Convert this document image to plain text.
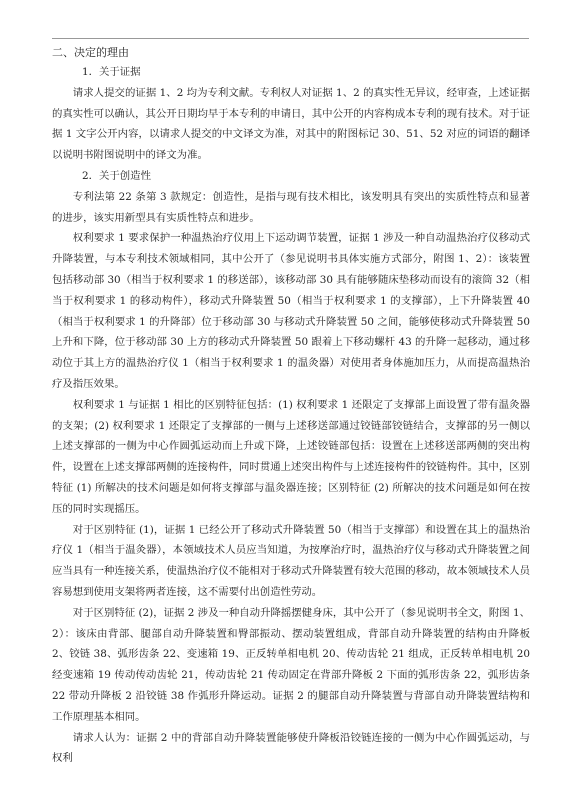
二、决定的理由

1．关于证据

请求人提交的证据 1、2 均为专利文献。专利权人对证据 1、2 的真实性无异议，经审查，上述证据的真实性可以确认，其公开日期均早于本专利的申请日，其中公开的内容构成本专利的现有技术。对于证据 1 文字公开内容，以请求人提交的中文译文为准，对其中的附图标记 30、51、52 对应的词语的翻译以说明书附图说明中的译文为准。

2．关于创造性

专利法第 22 条第 3 款规定：创造性，是指与现有技术相比，该发明具有突出的实质性特点和显著的进步，该实用新型具有实质性特点和进步。

权利要求 1 要求保护一种温热治疗仪用上下运动调节装置，证据 1 涉及一种自动温热治疗仪移动式升降装置，与本专利技术领域相同，其中公开了（参见说明书具体实施方式部分，附图 1、2）：该装置包括移动部 30（相当于权利要求 1 的移送部），该移动部 30 具有能够随床垫移动而设有的滚筒 32（相当于权利要求 1 的移动构件），移动式升降装置 50（相当于权利要求 1 的支撑部），上下升降装置 40（相当于权利要求 1 的升降部）位于移动部 30 与移动式升降装置 50 之间，能够使移动式升降装置 50 上升和下降，位于移动部 30 上方的移动式升降装置 50 跟着上下移动螺杆 43 的升降一起移动，通过移动位于其上方的温热治疗仪 1（相当于权利要求 1 的温灸器）对使用者身体施加压力，从而提高温热治疗及指压效果。

权利要求 1 与证据 1 相比的区别特征包括：(1) 权利要求 1 还限定了支撑部上面设置了带有温灸器的支架；(2) 权利要求 1 还限定了支撑部的一侧与上述移送部通过铰链部铰链结合，支撑部的另一侧以上述支撑部的一侧为中心作圆弧运动而上升或下降，上述铰链部包括：设置在上述移送部两侧的突出构件，设置在上述支撑部两侧的连接构件，同时贯通上述突出构件与上述连接构件的铰链构件。其中，区别特征 (1) 所解决的技术问题是如何将支撑部与温灸器连接；区别特征 (2) 所解决的技术问题是如何在按压的同时实现摇压。

对于区别特征 (1)，证据 1 已经公开了移动式升降装置 50（相当于支撑部）和设置在其上的温热治疗仪 1（相当于温灸器），本领域技术人员应当知道，为按摩治疗时，温热治疗仪与移动式升降装置之间应当具有一种连接关系，使温热治疗仪不能相对于移动式升降装置有较大范围的移动，故本领域技术人员容易想到使用支架将两者连接，这不需要付出创造性劳动。

对于区别特征 (2)，证据 2 涉及一种自动升降摇摆健身床，其中公开了（参见说明书全文，附图 1、2）：该床由背部、腿部自动升降装置和臀部振动、摆动装置组成，背部自动升降装置的结构由升降板 2、铰链 38、弧形齿条 22、变速箱 19、正反转单相电机 20、传动齿轮 21 组成，正反转单相电机 20 经变速箱 19 传动传动齿轮 21，传动齿轮 21 传动固定在背部升降板 2 下面的弧形齿条 22，弧形齿条 22 带动升降板 2 沿铰链 38 作弧形升降运动。证据 2 的腿部自动升降装置与背部自动升降装置结构和工作原理基本相同。

请求人认为：证据 2 中的背部自动升降装置能够使升降板沿铰链连接的一侧为中心作圆弧运动，与权利
